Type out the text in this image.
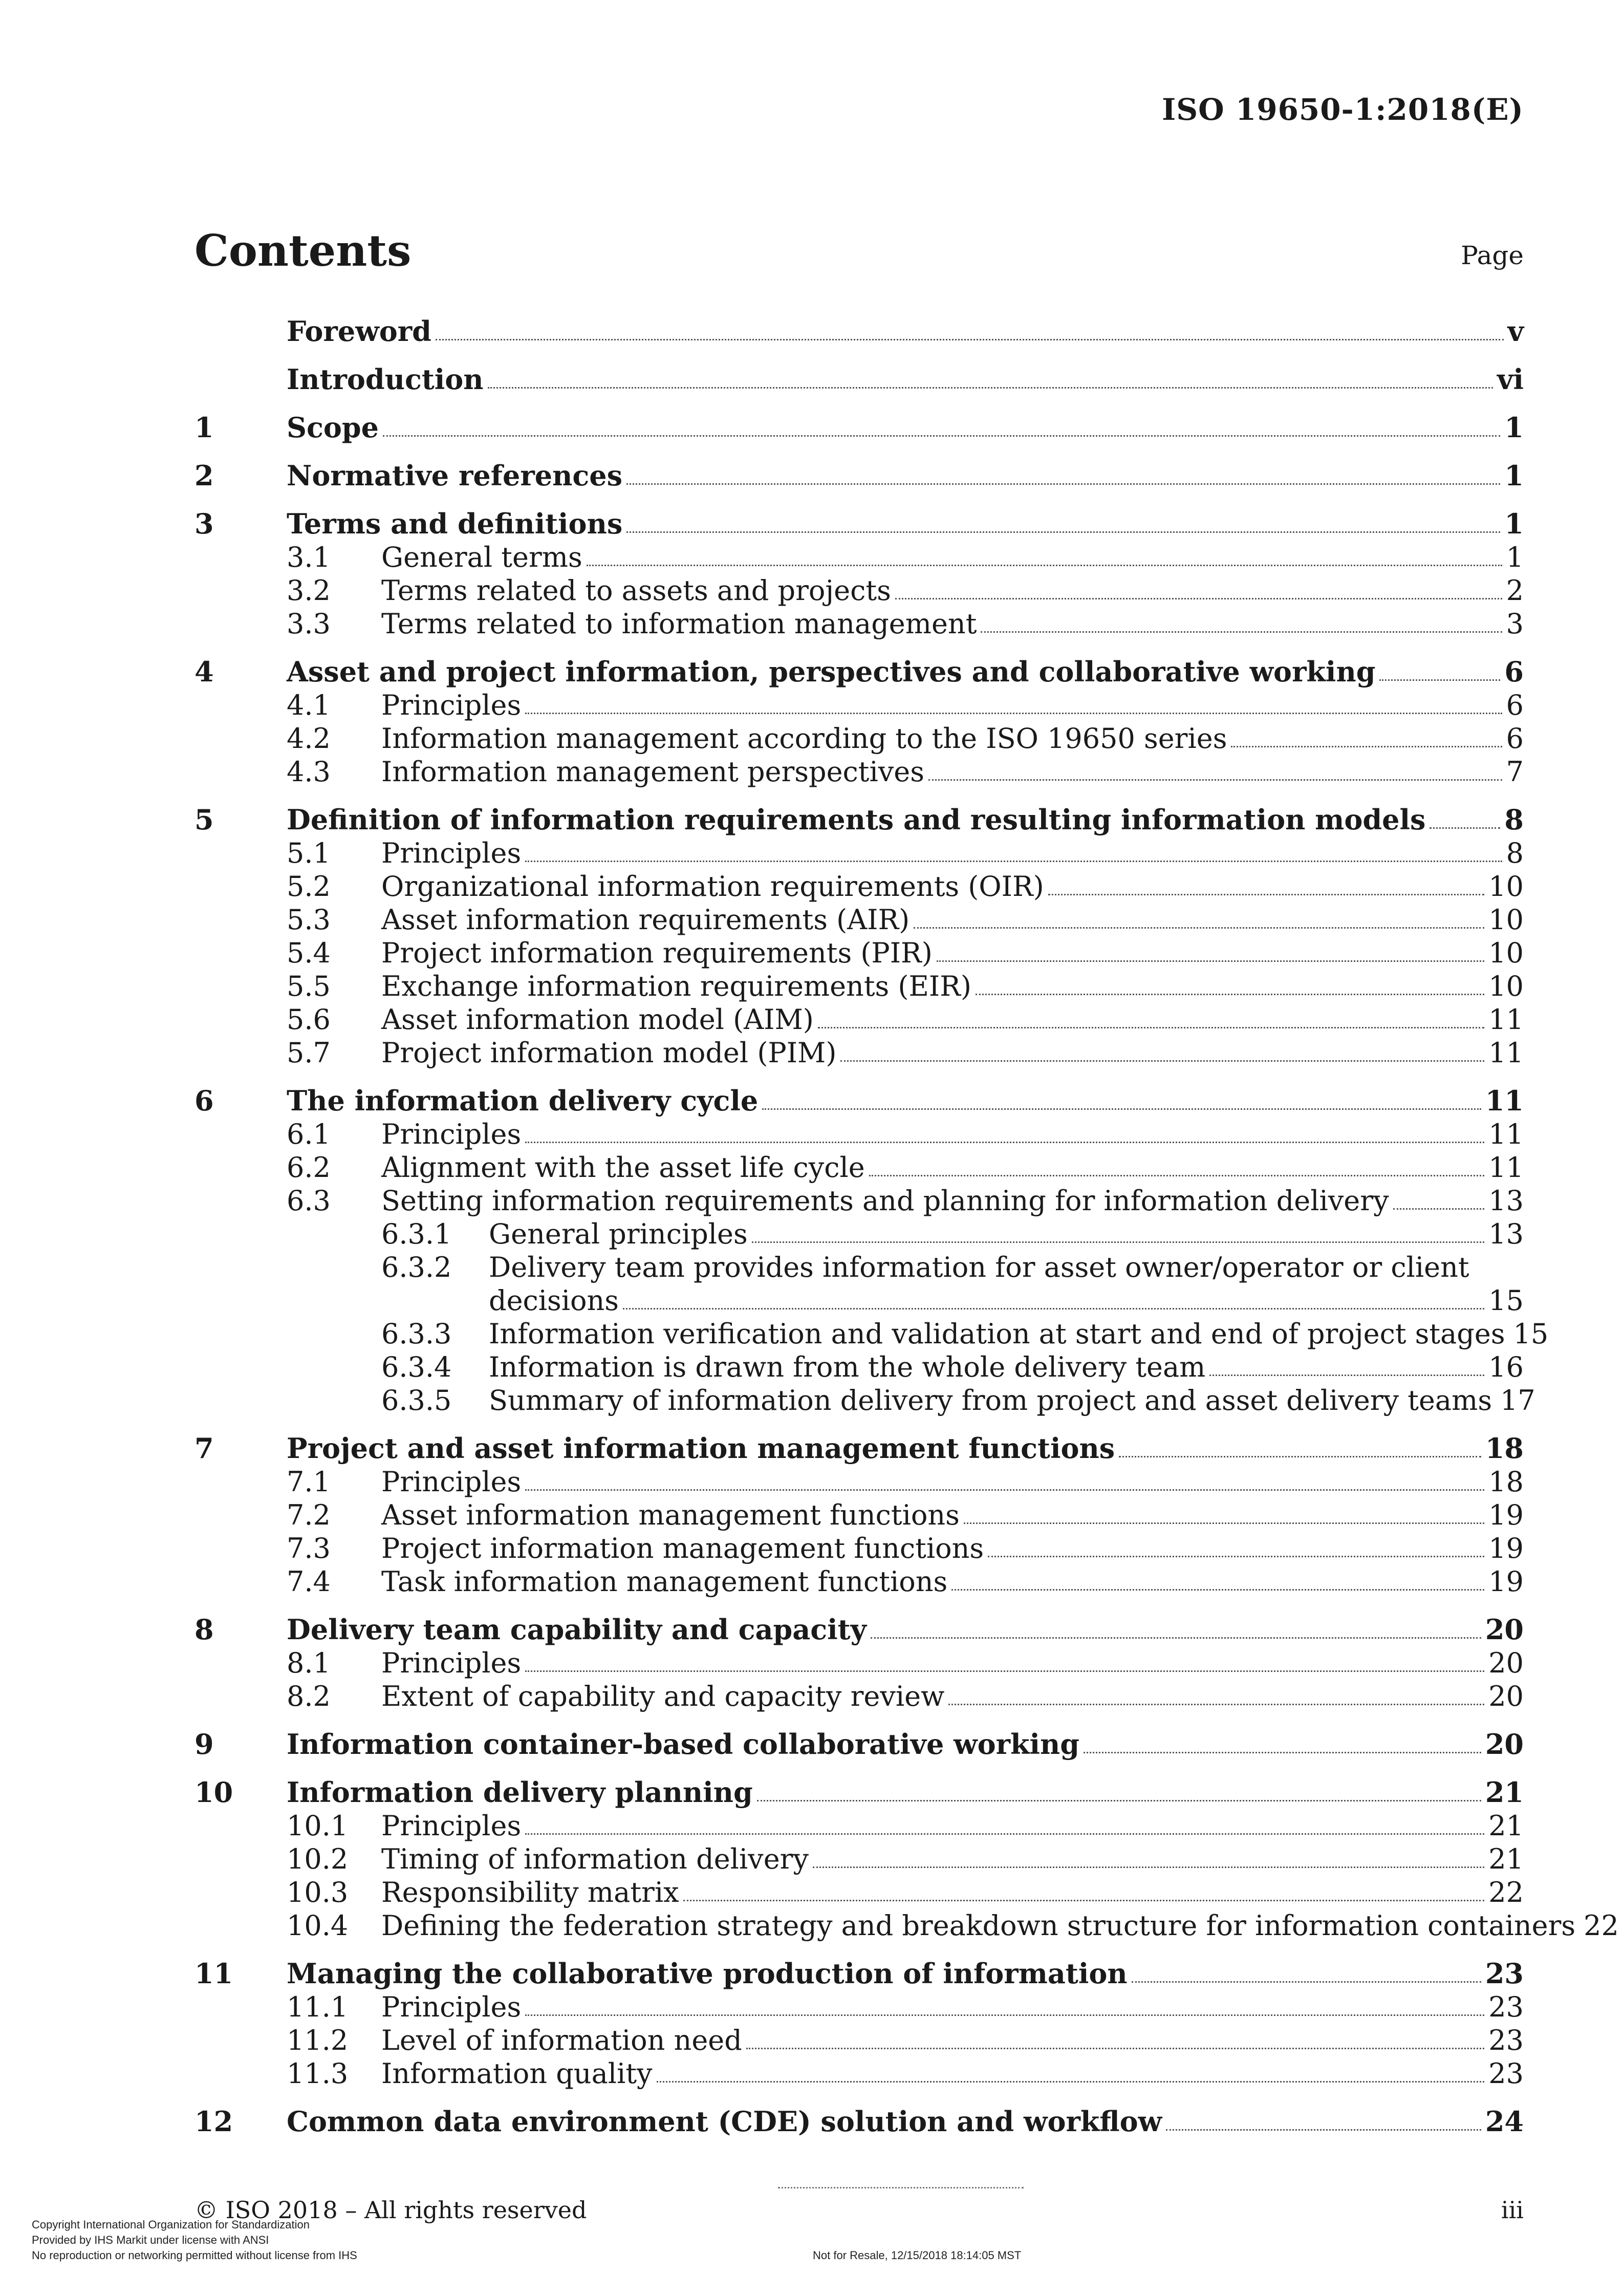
ISO 19650-1:2018(E)
Contents	Page
Foreword	v
Introduction	vi
1	Scope	1
2	Normative references	1
3	Terms and definitions	1
3.1	General terms	1
3.2	Terms related to assets and projects	2
3.3	Terms related to information management	3
4	Asset and project information, perspectives and collaborative working	6
4.1	Principles	6
4.2	Information management according to the ISO 19650 series	6
4.3	Information management perspectives	7
5	Definition of information requirements and resulting information models	8
5.1	Principles	8
5.2	Organizational information requirements (OIR)	10
5.3	Asset information requirements (AIR)	10
5.4	Project information requirements (PIR)	10
5.5	Exchange information requirements (EIR)	10
5.6	Asset information model (AIM)	11
5.7	Project information model (PIM)	11
6	The information delivery cycle	11
6.1	Principles	11
6.2	Alignment with the asset life cycle	11
6.3	Setting information requirements and planning for information delivery	13
6.3.1	General principles	13
6.3.2	Delivery team provides information for asset owner/operator or client
decisions	15
6.3.3	Information verification and validation at start and end of project stages 15
6.3.4	Information is drawn from the whole delivery team	16
6.3.5	Summary of information delivery from project and asset delivery teams 17
7	Project and asset information management functions	18
7.1	Principles	18
7.2	Asset information management functions	19
7.3	Project information management functions	19
7.4	Task information management functions	19
8	Delivery team capability and capacity	20
8.1	Principles	20
8.2	Extent of capability and capacity review	20
9	Information container-based collaborative working	20
10	Information delivery planning	21
10.1	Principles	21
10.2	Timing of information delivery	21
10.3	Responsibility matrix	22
10.4	Defining the federation strategy and breakdown structure for information containers 22
11	Managing the collaborative production of information	23
11.1	Principles	23
11.2	Level of information need	23
11.3	Information quality	23
12	Common data environment (CDE) solution and workflow	24
© ISO 2018 – All rights reserved	iii
Copyright International Organization for Standardization
Provided by IHS Markit under license with ANSI
No reproduction or networking permitted without license from IHS	Not for Resale, 12/15/2018 18:14:05 MST
